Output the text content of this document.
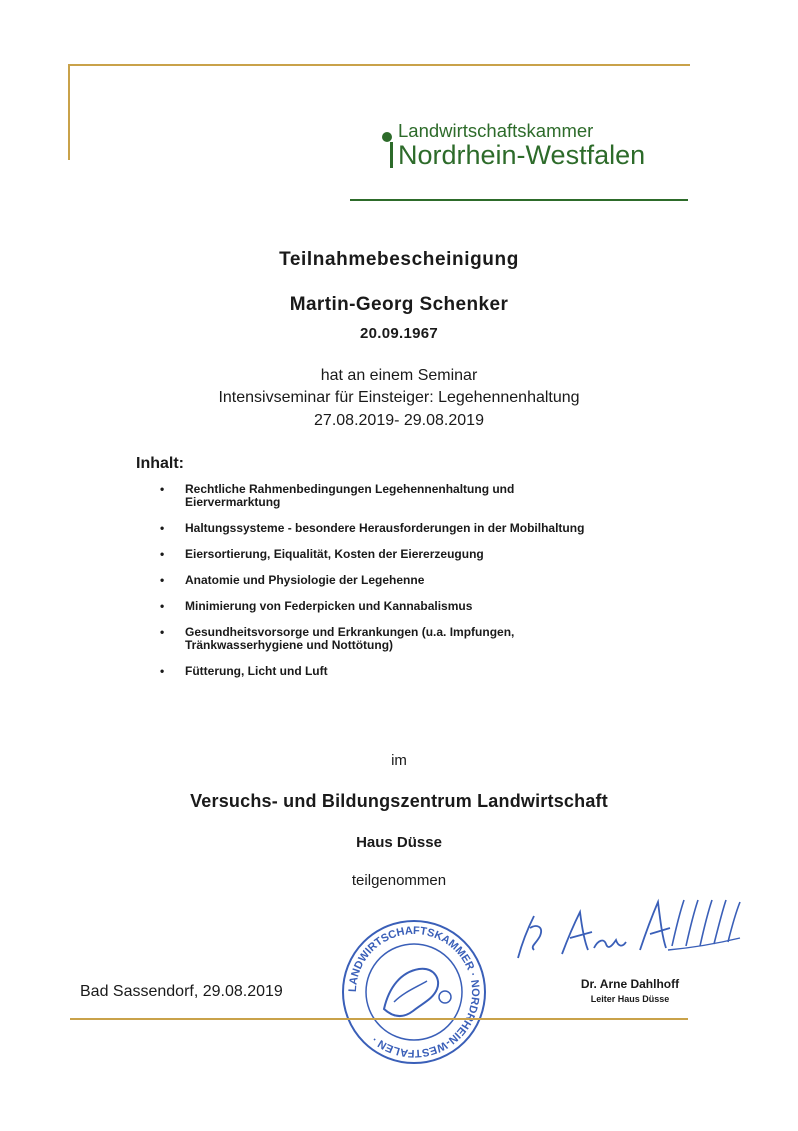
Landwirtschaftskammer
Nordrhein-Westfalen
Teilnahmebescheinigung
Martin-Georg Schenker
20.09.1967
hat an einem Seminar
Intensivseminar für Einsteiger: Legehennenhaltung
27.08.2019- 29.08.2019
Inhalt:
• Rechtliche Rahmenbedingungen Legehennenhaltung und
Eiervermarktung
• Haltungssysteme - besondere Herausforderungen in der Mobilhaltung
• Eiersortierung, Eiqualität, Kosten der Eiererzeugung
• Anatomie und Physiologie der Legehenne
• Minimierung von Federpicken und Kannabalismus
• Gesundheitsvorsorge und Erkrankungen (u.a. Impfungen,
Tränkwasserhygiene und Nottötung)
• Fütterung, Licht und Luft
im
Versuchs- und Bildungszentrum Landwirtschaft
Haus Düsse
teilgenommen
Bad Sassendorf, 29.08.2019	LANDWIRTSCHAFTSKAMMER · NORDRHEIN-WESTFALEN ·
Dr. Arne Dahlhoff
Leiter Haus Düsse
